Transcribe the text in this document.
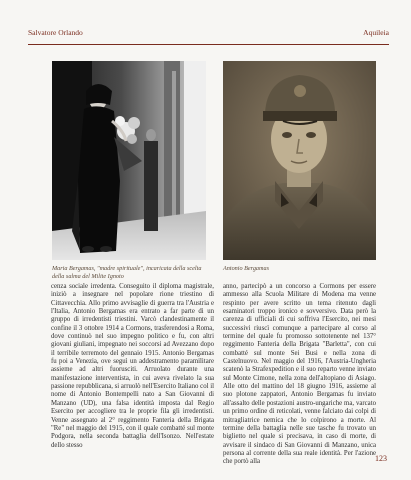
Salvatore Orlando	Aquileia
Maria Bergamas, "madre spirituale", incaricata della scelta della salma del Milite Ignoto
Antonio Bergamas

cenza sociale irredenta. Conseguito il diploma magistrale, iniziò a insegnare nel popolare rione triestino di Cittavecchia. Allo primo avvisaglie di guerra tra l'Austria e l'Italia, Antonio Bergamas era entrato a far parte di un gruppo di irredentisti triestini. Varcò clandestinamente il confine il 3 ottobre 1914 a Cormons, trasferendosi a Roma, dove continuò nel suo impegno politico e fu, con altri giovani giuliani, impegnato nei soccorsi ad Avezzano dopo il terribile terremoto del gennaio 1915. Antonio Bergamas fu poi a Venezia, ove seguì un addestramento paramilitare assieme ad altri fuorusciti. Arruolato durante una manifestazione interventista, in cui aveva rivelato la sua passione repubblicana, si arruolò nell'Esercito Italiano col il nome di Antonio Bontempelli nato a San Giovanni di Manzano (UD), una falsa identità imposta dal Regio Esercito per accogliere tra le proprie fila gli irredentisti. Venne assegnato al 2° reggimento Fanteria della Brigata "Re" nel maggio del 1915, con il quale combatté sul monte Podgora, nella seconda battaglia dell'Isonzo. Nell'estate dello stesso

anno, partecipò a un concorso a Cormons per essere ammesso alla Scuola Militare di Modena ma venne respinto per avere scritto un tema ritenuto dagli esaminatori troppo ironico e sovversivo. Data però la carenza di ufficiali di cui soffriva l'Esercito, nei mesi successivi riuscì comunque a partecipare al corso al termine del quale fu promosso sottotenente nel 137° reggimento Fanteria della Brigata "Barletta", con cui combatté sul monte Sei Busi e nella zona di Castelnuovo. Nel maggio del 1916, l'Austria-Ungheria scatenò la Strafexpedition e il suo reparto venne inviato sul Monte Cimone, nella zona dell'altopiano di Asiago. Alle otto del mattino del 18 giugno 1916, assieme al suo plotone zappatori, Antonio Bergamas fu inviato all'assalto delle postazioni austro-ungariche ma, varcato un primo ordine di reticolati, venne falciato dai colpi di mitragliatrice nemica che lo colpirono a morte. Al termine della battaglia nelle sue tasche fu trovato un biglietto nel quale si precisava, in caso di morte, di avvisare il sindaco di San Giovanni di Manzano, unica persona al corrente della sua reale identità. Per l'azione che portò alla	123
